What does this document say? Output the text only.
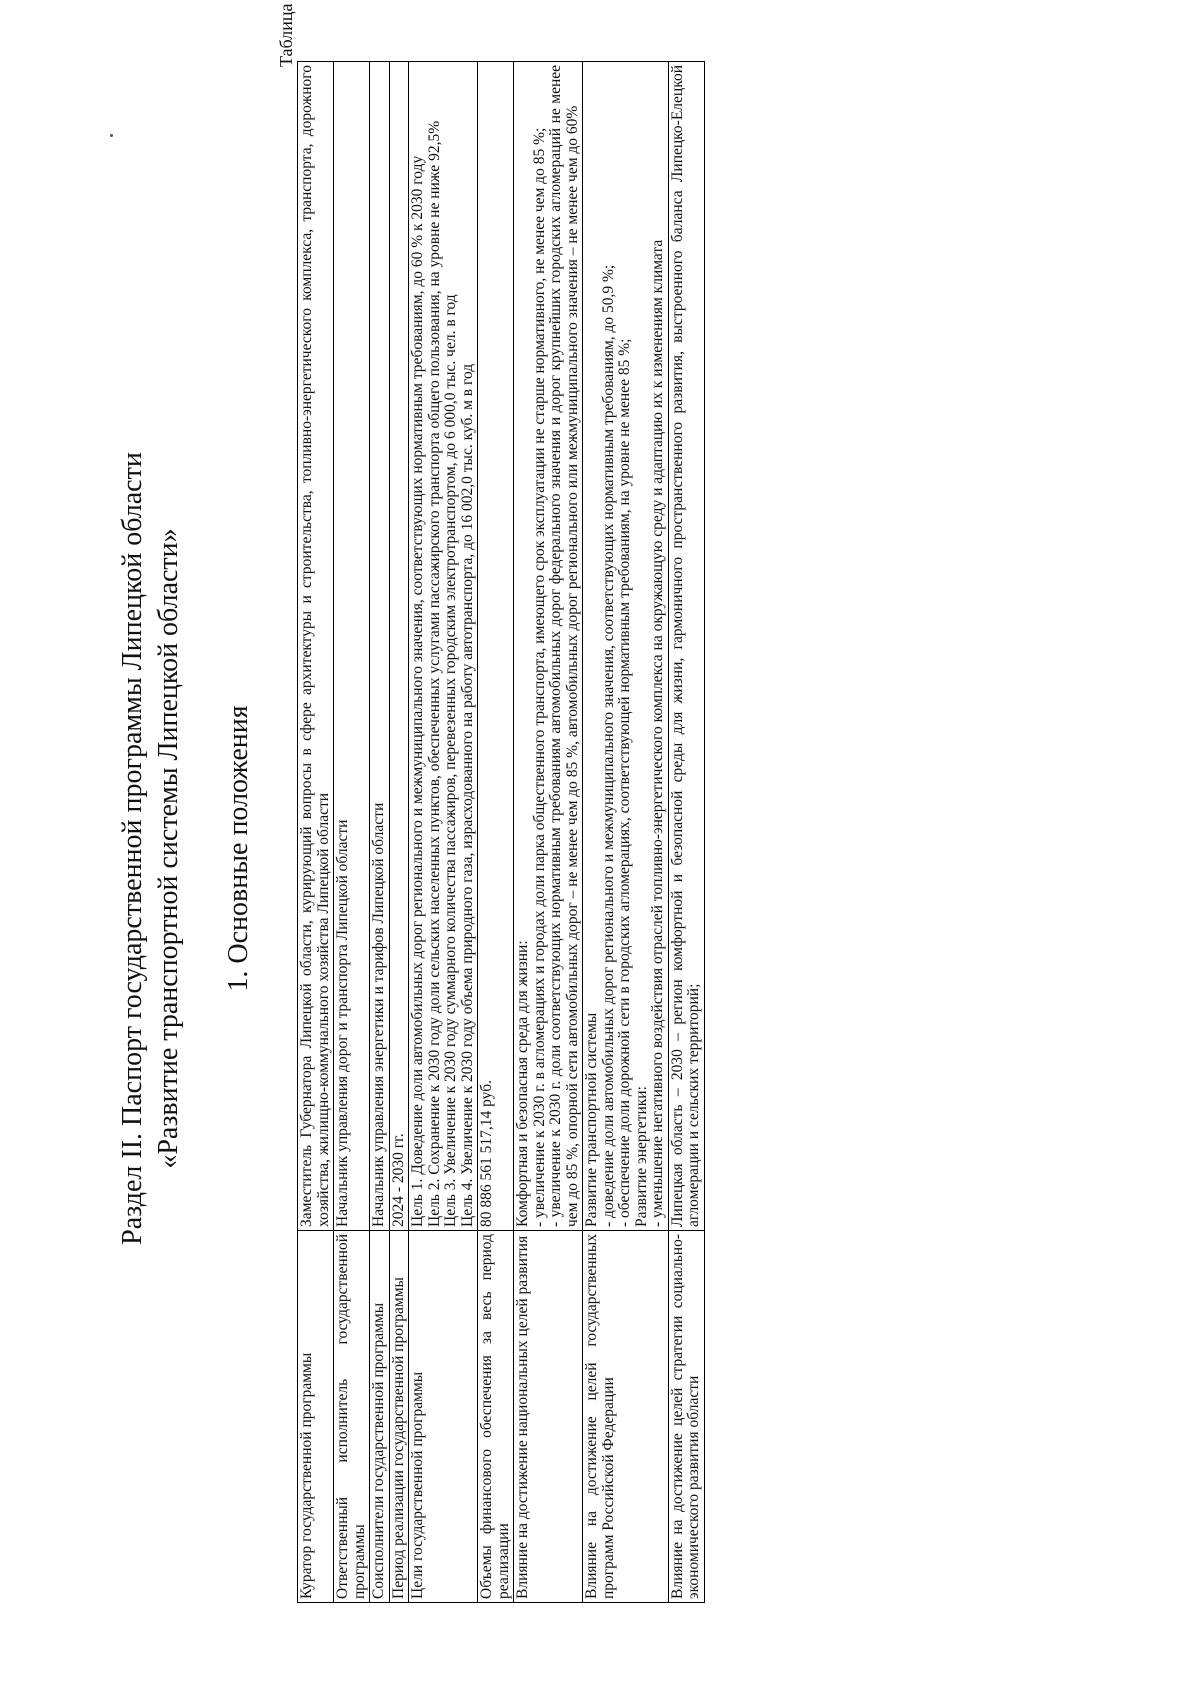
Раздел II. Паспорт государственной программы Липецкой области «Развитие транспортной системы Липецкой области» 1. Основные положения
Таблица
Куратор государственной программы	Заместитель Губернатора Липецкой области, курирующий вопросы в сфере архитектуры и строительства, топливно-энергетического комплекса, транспорта, дорожного хозяйства, жилищно-коммунального хозяйства Липецкой области

Ответственный исполнитель государственной программы	Начальник управления дорог и транспорта Липецкой области

Соисполнители государственной программы	Начальник управления энергетики и тарифов Липецкой области

Период реализации государственной программы	2024 - 2030 гг.

Цели государственной программы	Цель 1. Доведение доли автомобильных дорог регионального и межмуниципального значения, соответствующих нормативным требованиям, до 60 % к 2030 году Цель 2. Сохранение к 2030 году доли сельских населенных пунктов, обеспеченных услугами пассажирского транспорта общего пользования, на уровне не ниже 92,5% Цель 3. Увеличение к 2030 году суммарного количества пассажиров, перевезенных городским электротранспортом, до 6 000,0 тыс. чел. в год Цель 4. Увеличение к 2030 году объема природного газа, израсходованного на работу автотранспорта, до 16 002,0 тыс. куб. м в год

Объемы финансового обеспечения за весь период реализации	80 886 561 517,14 руб.

Влияние на достижение национальных целей развития	Комфортная и безопасная среда для жизни: - увеличение к 2030 г. в агломерациях и городах доли парка общественного транспорта, имеющего срок эксплуатации не старше нормативного, не менее чем до 85 %; - увеличение к 2030 г. доли соответствующих нормативным требованиям автомобильных дорог федерального значения и дорог крупнейших городских агломераций не менее чем до 85 %, опорной сети автомобильных дорог – не менее чем до 85 %, автомобильных дорог регионального или межмуниципального значения – не менее чем до 60%

Влияние на достижение целей государственных программ Российской Федерации	Развитие транспортной системы - доведение доли автомобильных дорог регионального и межмуниципального значения, соответствующих нормативным требованиям, до 50,9 %; - обеспечение доли дорожной сети в городских агломерациях, соответствующей нормативным требованиям, на уровне не менее 85 %; Развитие энергетики: - уменьшение негативного воздействия отраслей топливно-энергетического комплекса на окружающую среду и адаптацию их к изменениям климата

Влияние на достижение целей стратегии социально-экономического развития области	Липецкая область – 2030 – регион комфортной и безопасной среды для жизни, гармоничного пространственного развития, выстроенного баланса Липецко-Елецкой агломерации и сельских территорий;
